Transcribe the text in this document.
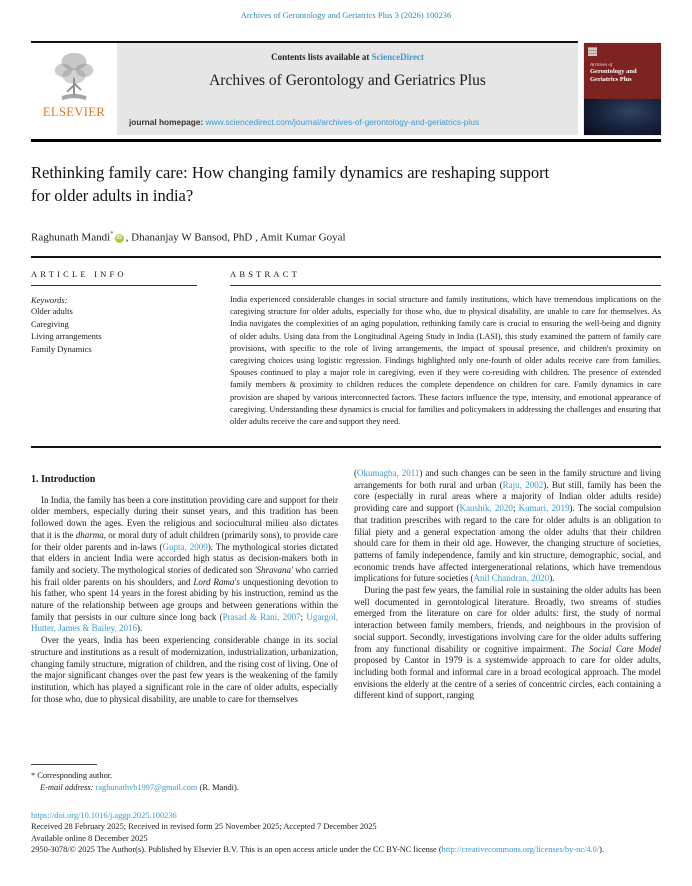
Archives of Gerontology and Geriatrics Plus 3 (2026) 100236
ELSEVIER
Contents lists available at ScienceDirect
Archives of Gerontology and Geriatrics Plus
journal homepage: www.sciencedirect.com/journal/archives-of-gerontology-and-geriatrics-plus
Archives of
Gerontology and
Geriatrics Plus
Rethinking family care: How changing family dynamics are reshaping support for older adults in india?
Raghunath Mandi* iD , Dhananjay W Bansod, PhD , Amit Kumar Goyal
ARTICLE INFO
Keywords:
Older adults
Caregiving
Living arrangements
Family Dynamics
ABSTRACT
India experienced considerable changes in social structure and family institutions, which have tremendous implications on the caregiving structure for older adults, especially for those who, due to physical disability, are unable to care for themselves. As India navigates the complexities of an aging population, rethinking family care is crucial to ensuring the well-being and dignity of older adults. Using data from the Longitudinal Ageing Study in India (LASI), this study examined the pattern of family care provisions, with specific to the role of living arrangements, the impact of spousal presence, and children's proximity on caregiving choices using logistic regression. Findings highlighted only one-fourth of older adults receive care from families. Spouses continued to play a major role in caregiving, even if they were co-residing with children. The presence of extended family members & proximity to children reduces the complete dependence on children for care. Family dynamics in care provision are shaped by various interconnected factors. These factors influence the type, intensity, and emotional appearance of caregiving. Understanding these dynamics is crucial for families and policymakers in addressing the challenges and ensuring that older adults receive the care and support they need.
1. Introduction

In India, the family has been a core institution providing care and support for their older members, especially during their sunset years, and this tradition has been followed down the ages. Even the religious and sociocultural milieu also dictates that it is the dharma, or moral duty of adult children (primarily sons), to provide care for their older parents and in-laws (Gupta, 2009). The mythological stories dictated that elders in ancient India were accorded high status as decision-makers both in family and society. The mythological stories of dedicated son 'Shravana' who carried his frail older parents on his shoulders, and Lord Rama's unquestioning devotion to his father, who spent 14 years in the forest abiding by his instruction, remind us the nature of the relationship between age groups and between generations within the family that persists in our culture since long back (Prasad & Rani, 2007; Ugargol, Hutter, James & Bailey, 2016).

Over the years, India has been experiencing considerable change in its social structure and institutions as a result of modernization, industrialization, urbanization, changing family structure, migration of children, and the rising cost of living. One of the major significant changes over the past few years is the weakening of the family institution, which has played a significant role in the care of older adults, especially for those who, due to physical disability, are unable to care for themselves

(Okumagba, 2011) and such changes can be seen in the family structure and living arrangements for both rural and urban (Raju, 2002). But still, family has been the core (especially in rural areas where a majority of Indian older adults reside) providing care and support (Kaushik, 2020; Kumari, 2019). The social compulsion that tradition prescribes with regard to the care for older adults is an obligation to filial piety and a general expectation among the older adults that their children should care for them in their old age. However, the changing structure of societies, patterns of family independence, family and kin structure, demographic, social, and economic trends have affected intergenerational relations, which have tremendous implications for future societies (Anil Chandran, 2020).

During the past few years, the familial role in sustaining the older adults has been well documented in gerontological literature. Broadly, two streams of studies emerged from the literature on care for older adults: first, the study of normal interaction between family members, friends, and neighbours in the provision of social support. Secondly, investigations involving care for the older adults suffering from any functional disability or cognitive impairment. The Social Care Model proposed by Cantor in 1979 is a systemwide approach to care for older adults, including both formal and informal care in a broad ecological approach. The model envisions the elderly at the centre of a series of concentric circles, each containing a different kind of support, ranging

* Corresponding author.
E-mail address: raghunathvb1997@gmail.com (R. Mandi).
https://doi.org/10.1016/j.aggp.2025.100236
Received 28 February 2025; Received in revised form 25 November 2025; Accepted 7 December 2025
Available online 8 December 2025
2950-3078/© 2025 The Author(s). Published by Elsevier B.V. This is an open access article under the CC BY-NC license (http://creativecommons.org/licenses/by-nc/4.0/).
